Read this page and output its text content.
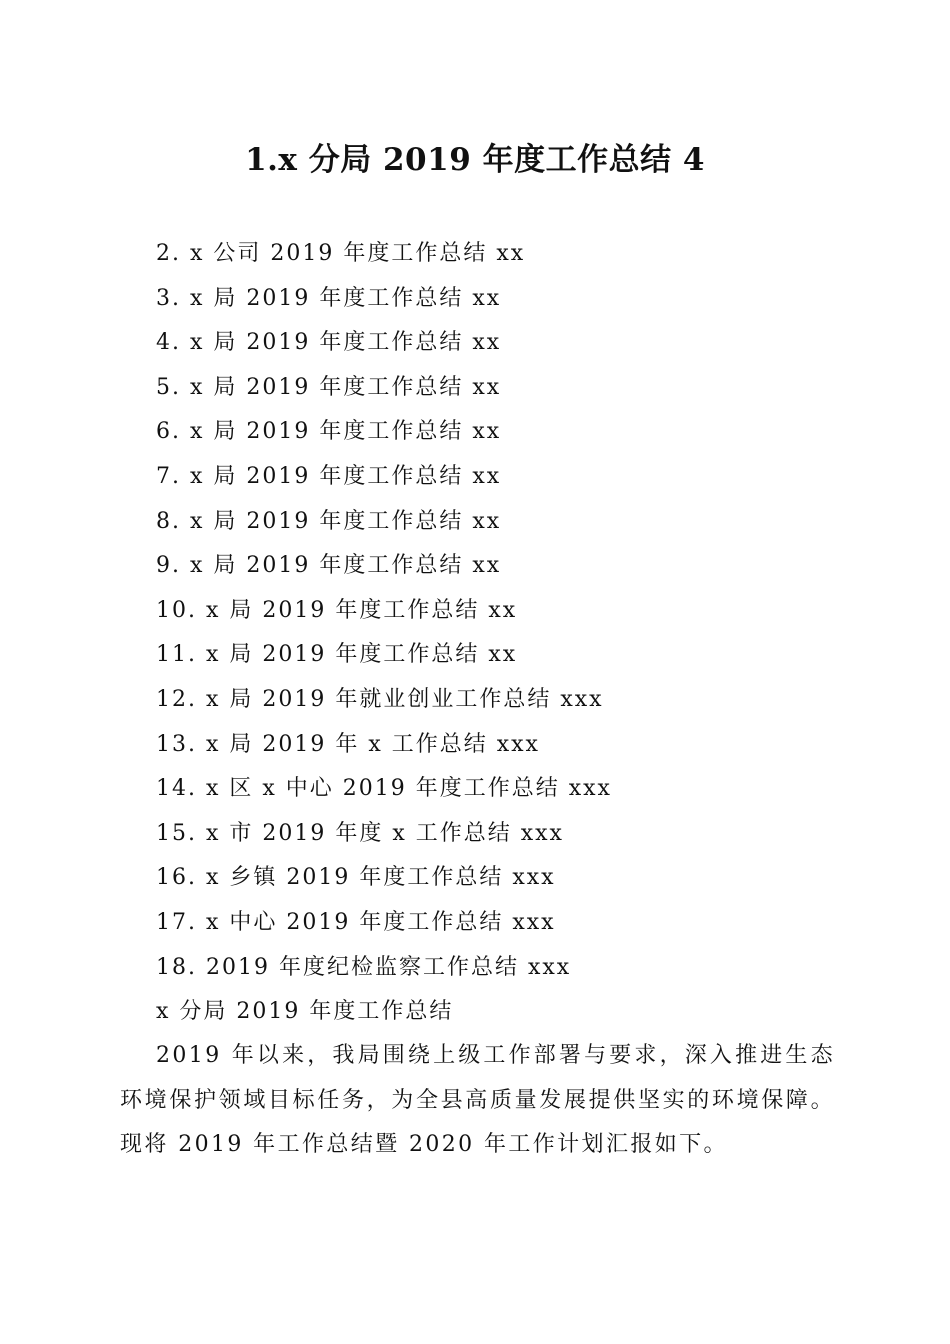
1.x 分局 2019 年度工作总结 4
2. x 公司 2019 年度工作总结 xx
3. x 局 2019 年度工作总结 xx
4. x 局 2019 年度工作总结 xx
5. x 局 2019 年度工作总结 xx
6. x 局 2019 年度工作总结 xx
7. x 局 2019 年度工作总结 xx
8. x 局 2019 年度工作总结 xx
9. x 局 2019 年度工作总结 xx
10. x 局 2019 年度工作总结 xx
11. x 局 2019 年度工作总结 xx
12. x 局 2019 年就业创业工作总结 xxx
13. x 局 2019 年 x 工作总结 xxx
14. x 区 x 中心 2019 年度工作总结 xxx
15. x 市 2019 年度 x 工作总结 xxx
16. x 乡镇 2019 年度工作总结 xxx
17. x 中心 2019 年度工作总结 xxx
18. 2019 年度纪检监察工作总结 xxx
x 分局 2019 年度工作总结

2019 年以来，我局围绕上级工作部署与要求，深入推进生态环境保护领域目标任务，为全县高质量发展提供坚实的环境保障。现将 2019 年工作总结暨 2020 年工作计划汇报如下。
